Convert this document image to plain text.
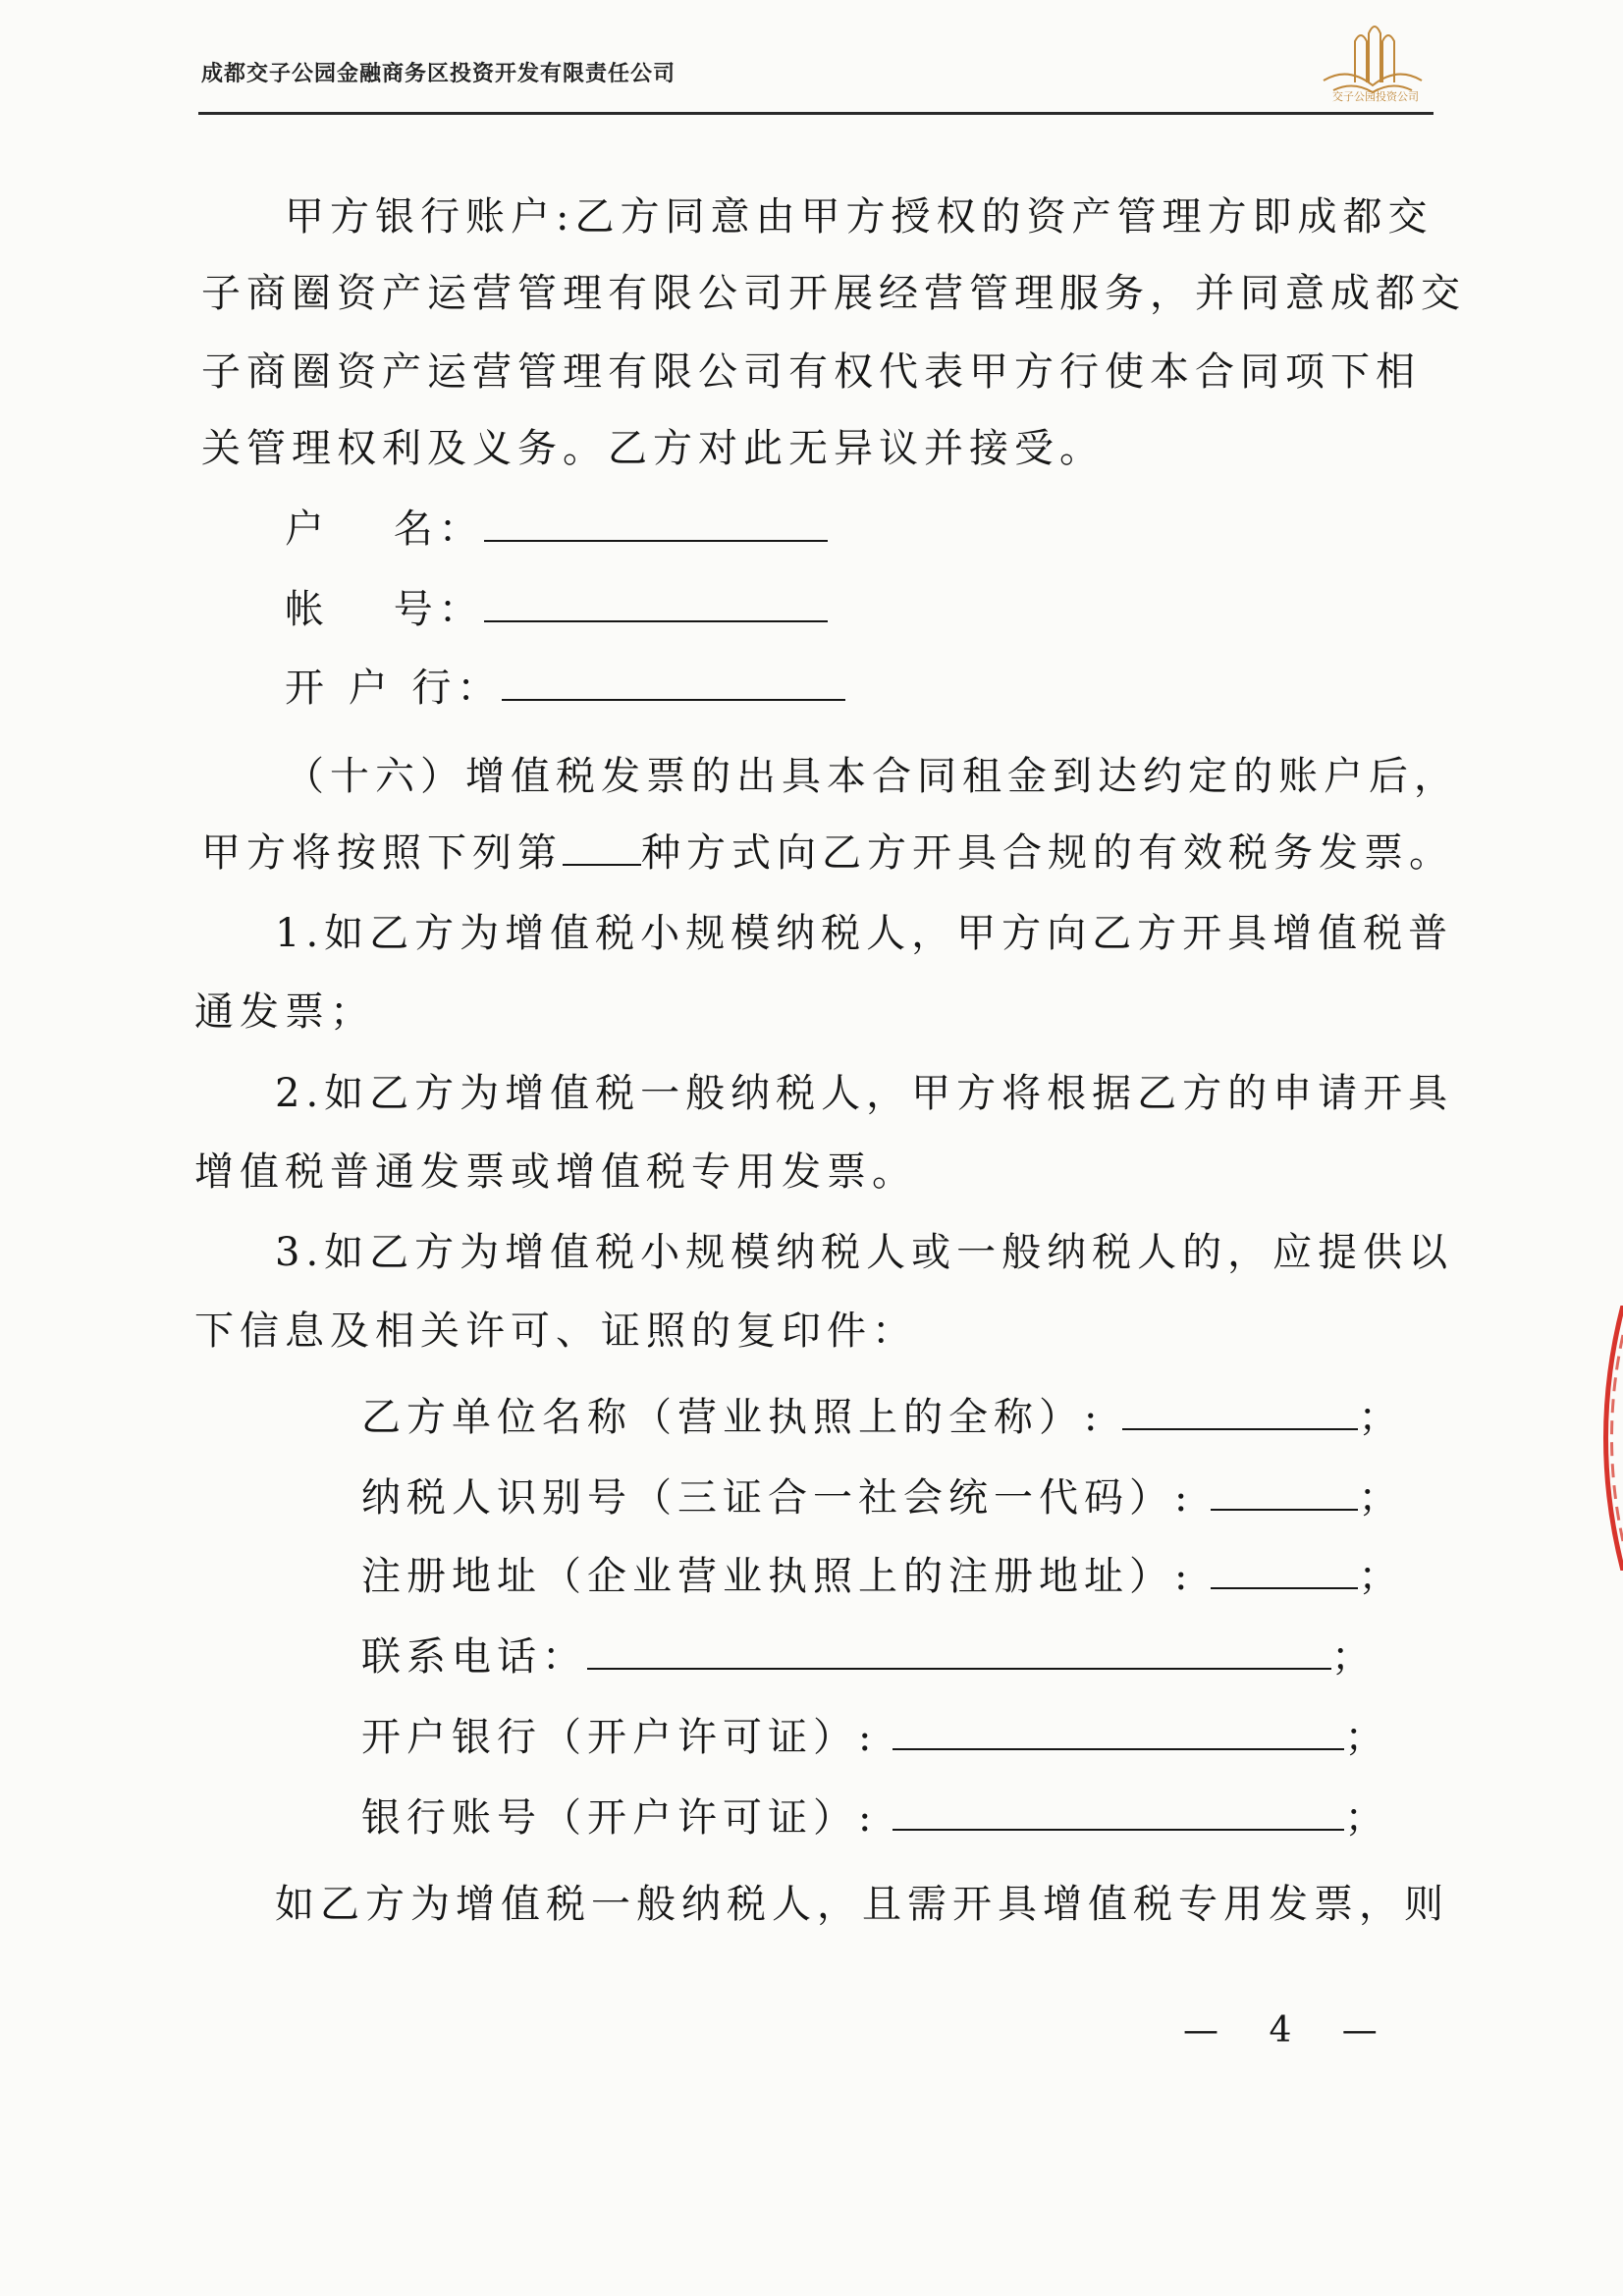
成都交子公园金融商务区投资开发有限责任公司
交子公园投资公司
甲方银行账户:乙方同意由甲方授权的资产管理方即成都交
子商圈资产运营管理有限公司开展经营管理服务，并同意成都交
子商圈资产运营管理有限公司有权代表甲方行使本合同项下相
关管理权利及义务。乙方对此无异议并接受。
户　 名：
帐　 号：
开 户 行：
（十六）增值税发票的出具本合同租金到达约定的账户后，
甲方将按照下列第 种方式向乙方开具合规的有效税务发票。
1.如乙方为增值税小规模纳税人，甲方向乙方开具增值税普
通发票；
2.如乙方为增值税一般纳税人，甲方将根据乙方的申请开具
增值税普通发票或增值税专用发票。
3.如乙方为增值税小规模纳税人或一般纳税人的，应提供以
下信息及相关许可、证照的复印件：
乙方单位名称（营业执照上的全称）:	；
纳税人识别号（三证合一社会统一代码）:	；
注册地址（企业营业执照上的注册地址）:	；
联系电话：	；
开户银行（开户许可证）:	；
银行账号（开户许可证）:	；
如乙方为增值税一般纳税人，且需开具增值税专用发票，则
— 4 —
